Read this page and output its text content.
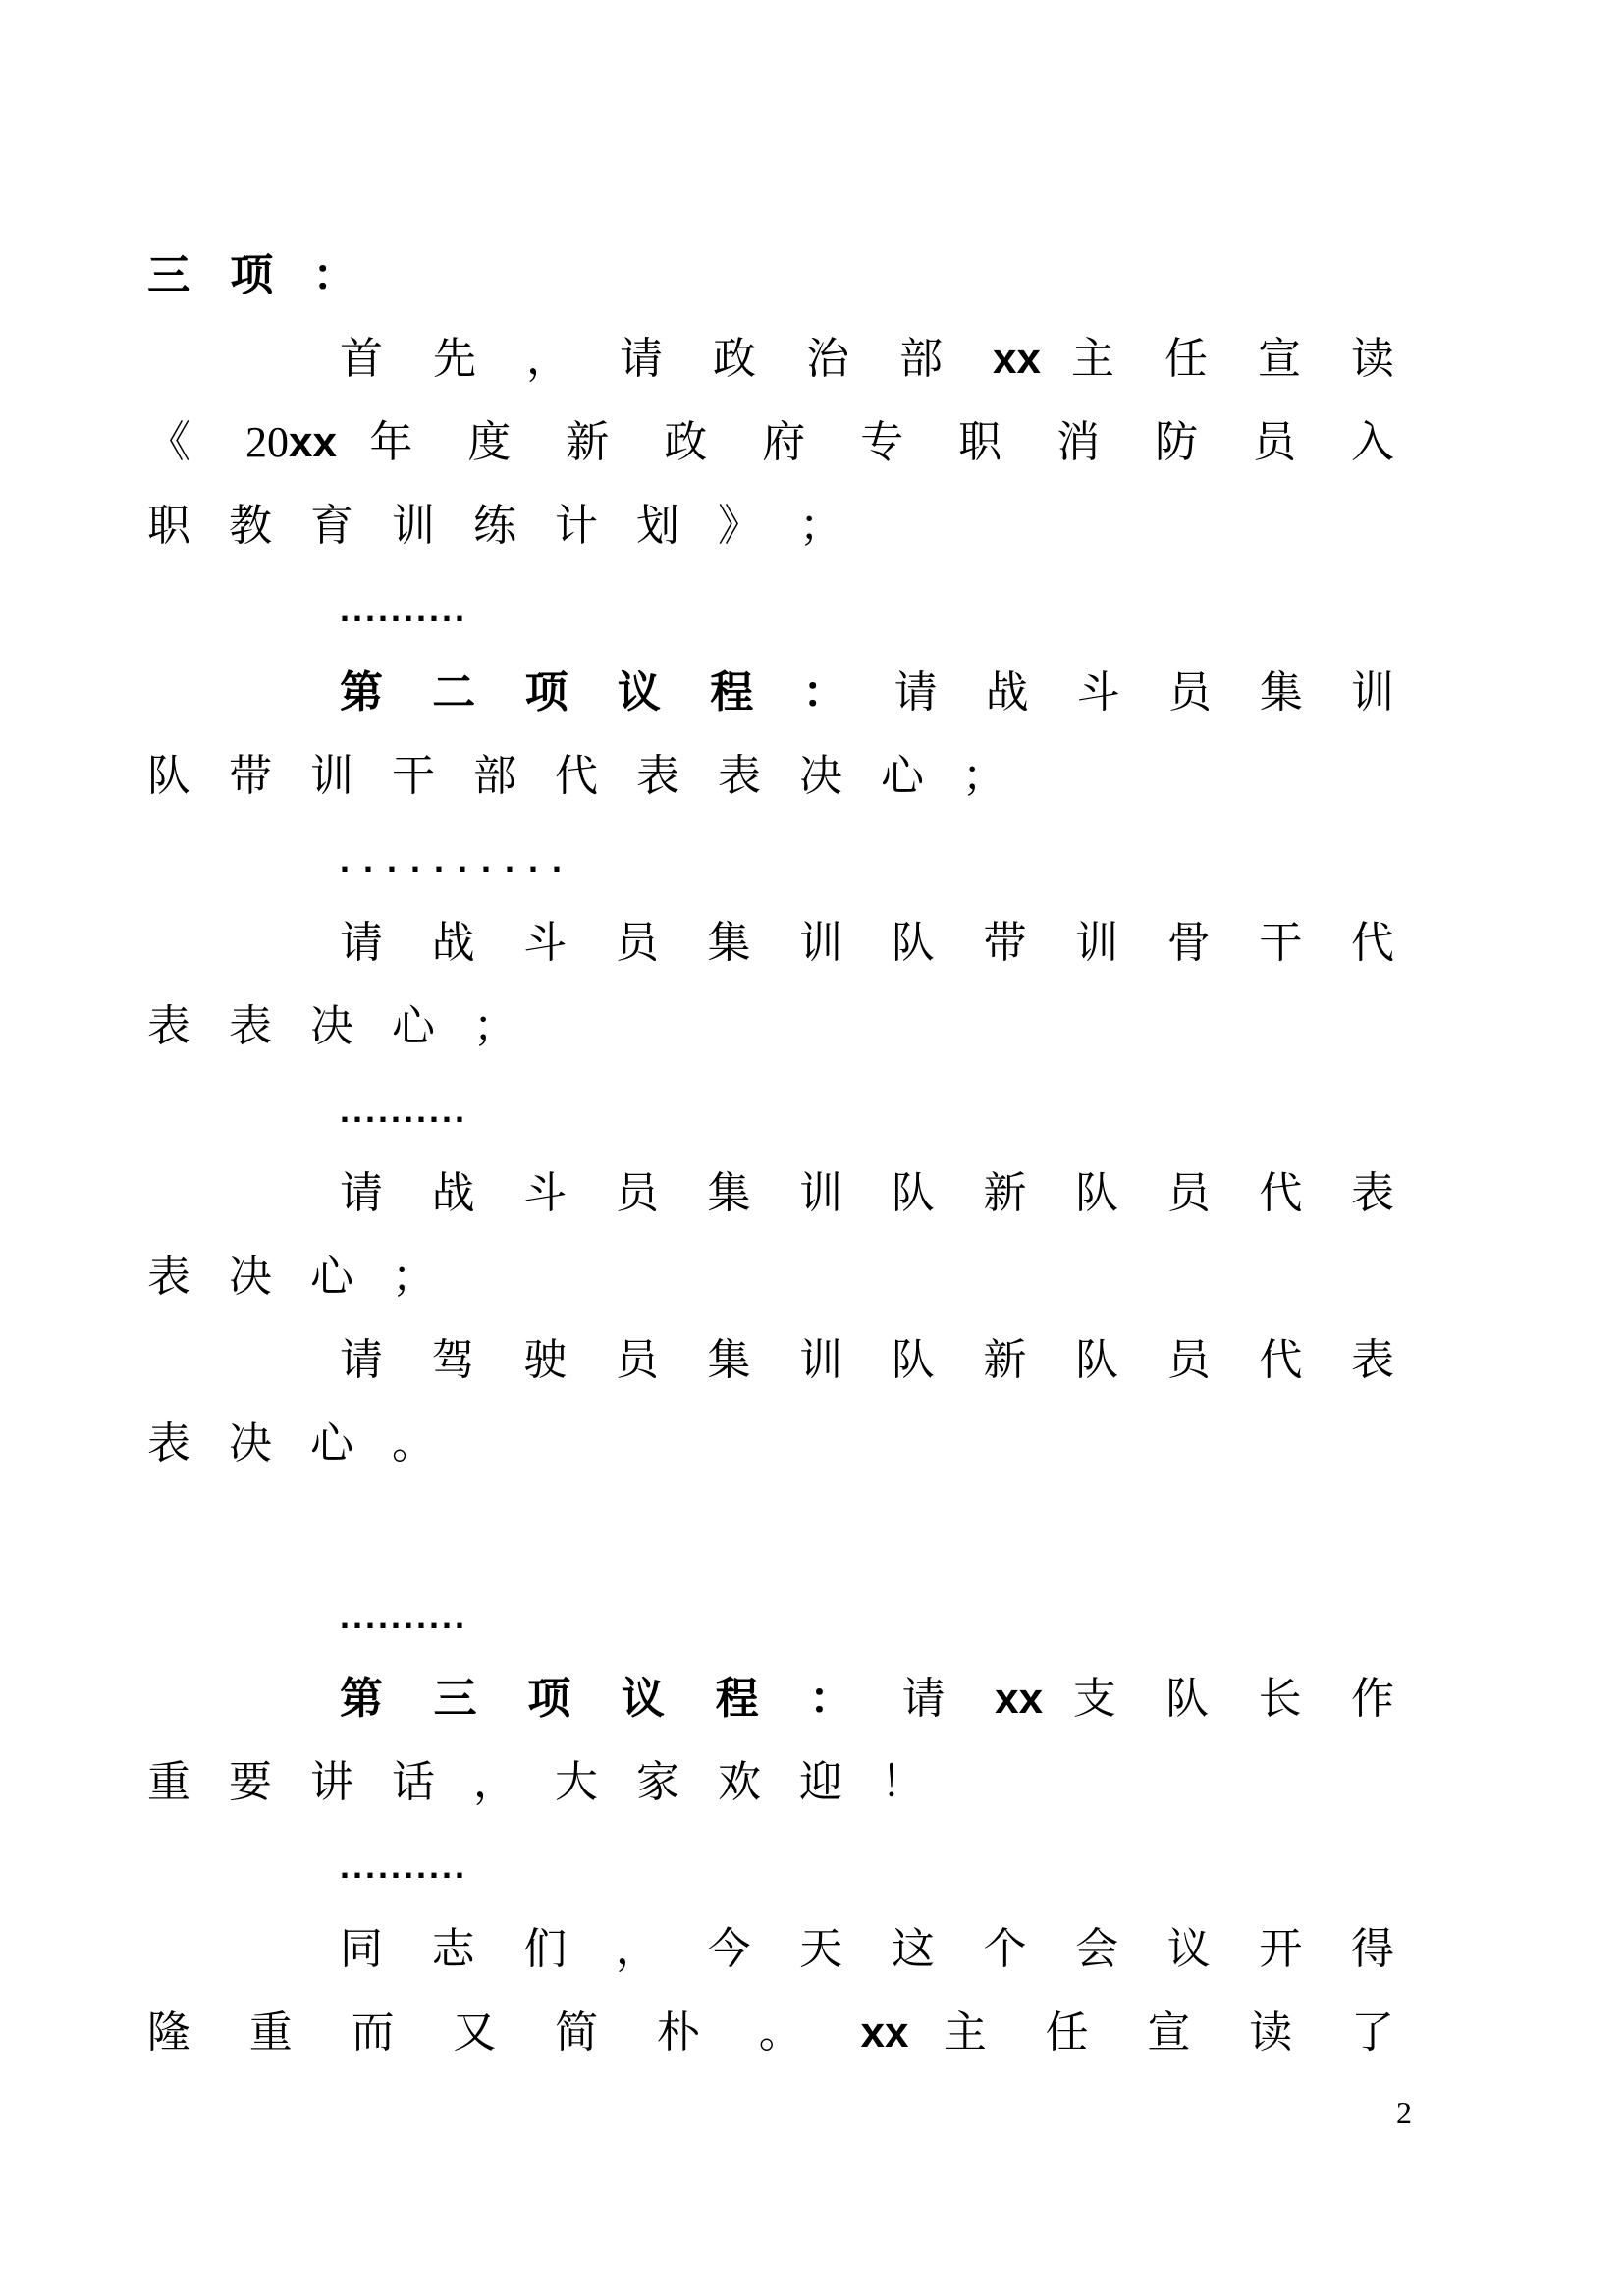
三 项 ：
首 先 ， 请 政 治 部 xx 主 任 宣 读
《 20xx 年 度 新 政 府 专 职 消 防 员 入
职 教 育 训 练 计 划 》 ；
..........
第 二 项 议 程 ： 请 战 斗 员 集 训
队 带 训 干 部 代 表 表 决 心 ；
..........
请 战 斗 员 集 训 队 带 训 骨 干 代
表 表 决 心 ；
..........
请 战 斗 员 集 训 队 新 队 员 代 表
表 决 心 ；
请 驾 驶 员 集 训 队 新 队 员 代 表
表 决 心 。
..........
第 三 项 议 程 ： 请 xx 支 队 长 作
重 要 讲 话 ， 大 家 欢 迎 ！
..........
同 志 们 ， 今 天 这 个 会 议 开 得
隆 重 而 又 简 朴 。 xx 主 任 宣 读 了
2
